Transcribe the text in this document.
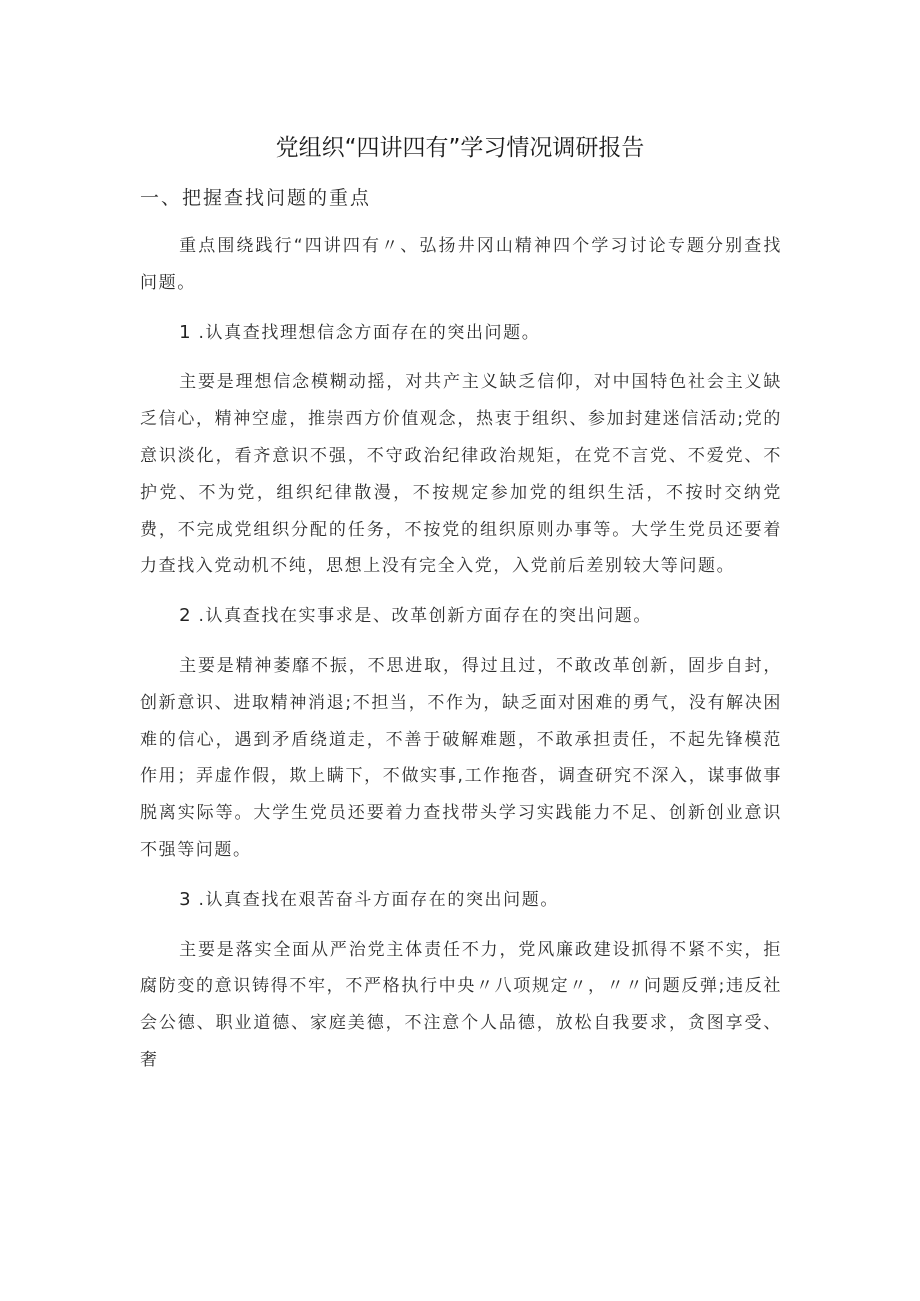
党组织“四讲四有”学习情况调研报告
一、把握查找问题的重点

重点围绕践行“四讲四有〃、弘扬井冈山精神四个学习讨论专题分别查找问题。

1.认真查找理想信念方面存在的突出问题。

主要是理想信念模糊动摇，对共产主义缺乏信仰，对中国特色社会主义缺乏信心，精神空虚，推崇西方价值观念，热衷于组织、参加封建迷信活动;党的意识淡化，看齐意识不强，不守政治纪律政治规矩，在党不言党、不爱党、不护党、不为党，组织纪律散漫，不按规定参加党的组织生活，不按时交纳党费，不完成党组织分配的任务，不按党的组织原则办事等。大学生党员还要着力查找入党动机不纯，思想上没有完全入党，入党前后差别较大等问题。

2.认真查找在实事求是、改革创新方面存在的突出问题。

主要是精神萎靡不振，不思进取，得过且过，不敢改革创新，固步自封，创新意识、进取精神消退;不担当，不作为，缺乏面对困难的勇气，没有解决困难的信心，遇到矛盾绕道走，不善于破解难题，不敢承担责任，不起先锋模范作用；弄虚作假，欺上瞒下，不做实事,工作拖沓，调查研究不深入，谋事做事脱离实际等。大学生党员还要着力查找带头学习实践能力不足、创新创业意识不强等问题。

3.认真查找在艰苦奋斗方面存在的突出问题。

主要是落实全面从严治党主体责任不力，党风廉政建设抓得不紧不实，拒腐防变的意识铸得不牢，不严格执行中央〃八项规定〃，〃〃问题反弹;违反社会公德、职业道德、家庭美德，不注意个人品德，放松自我要求，贪图享受、奢
